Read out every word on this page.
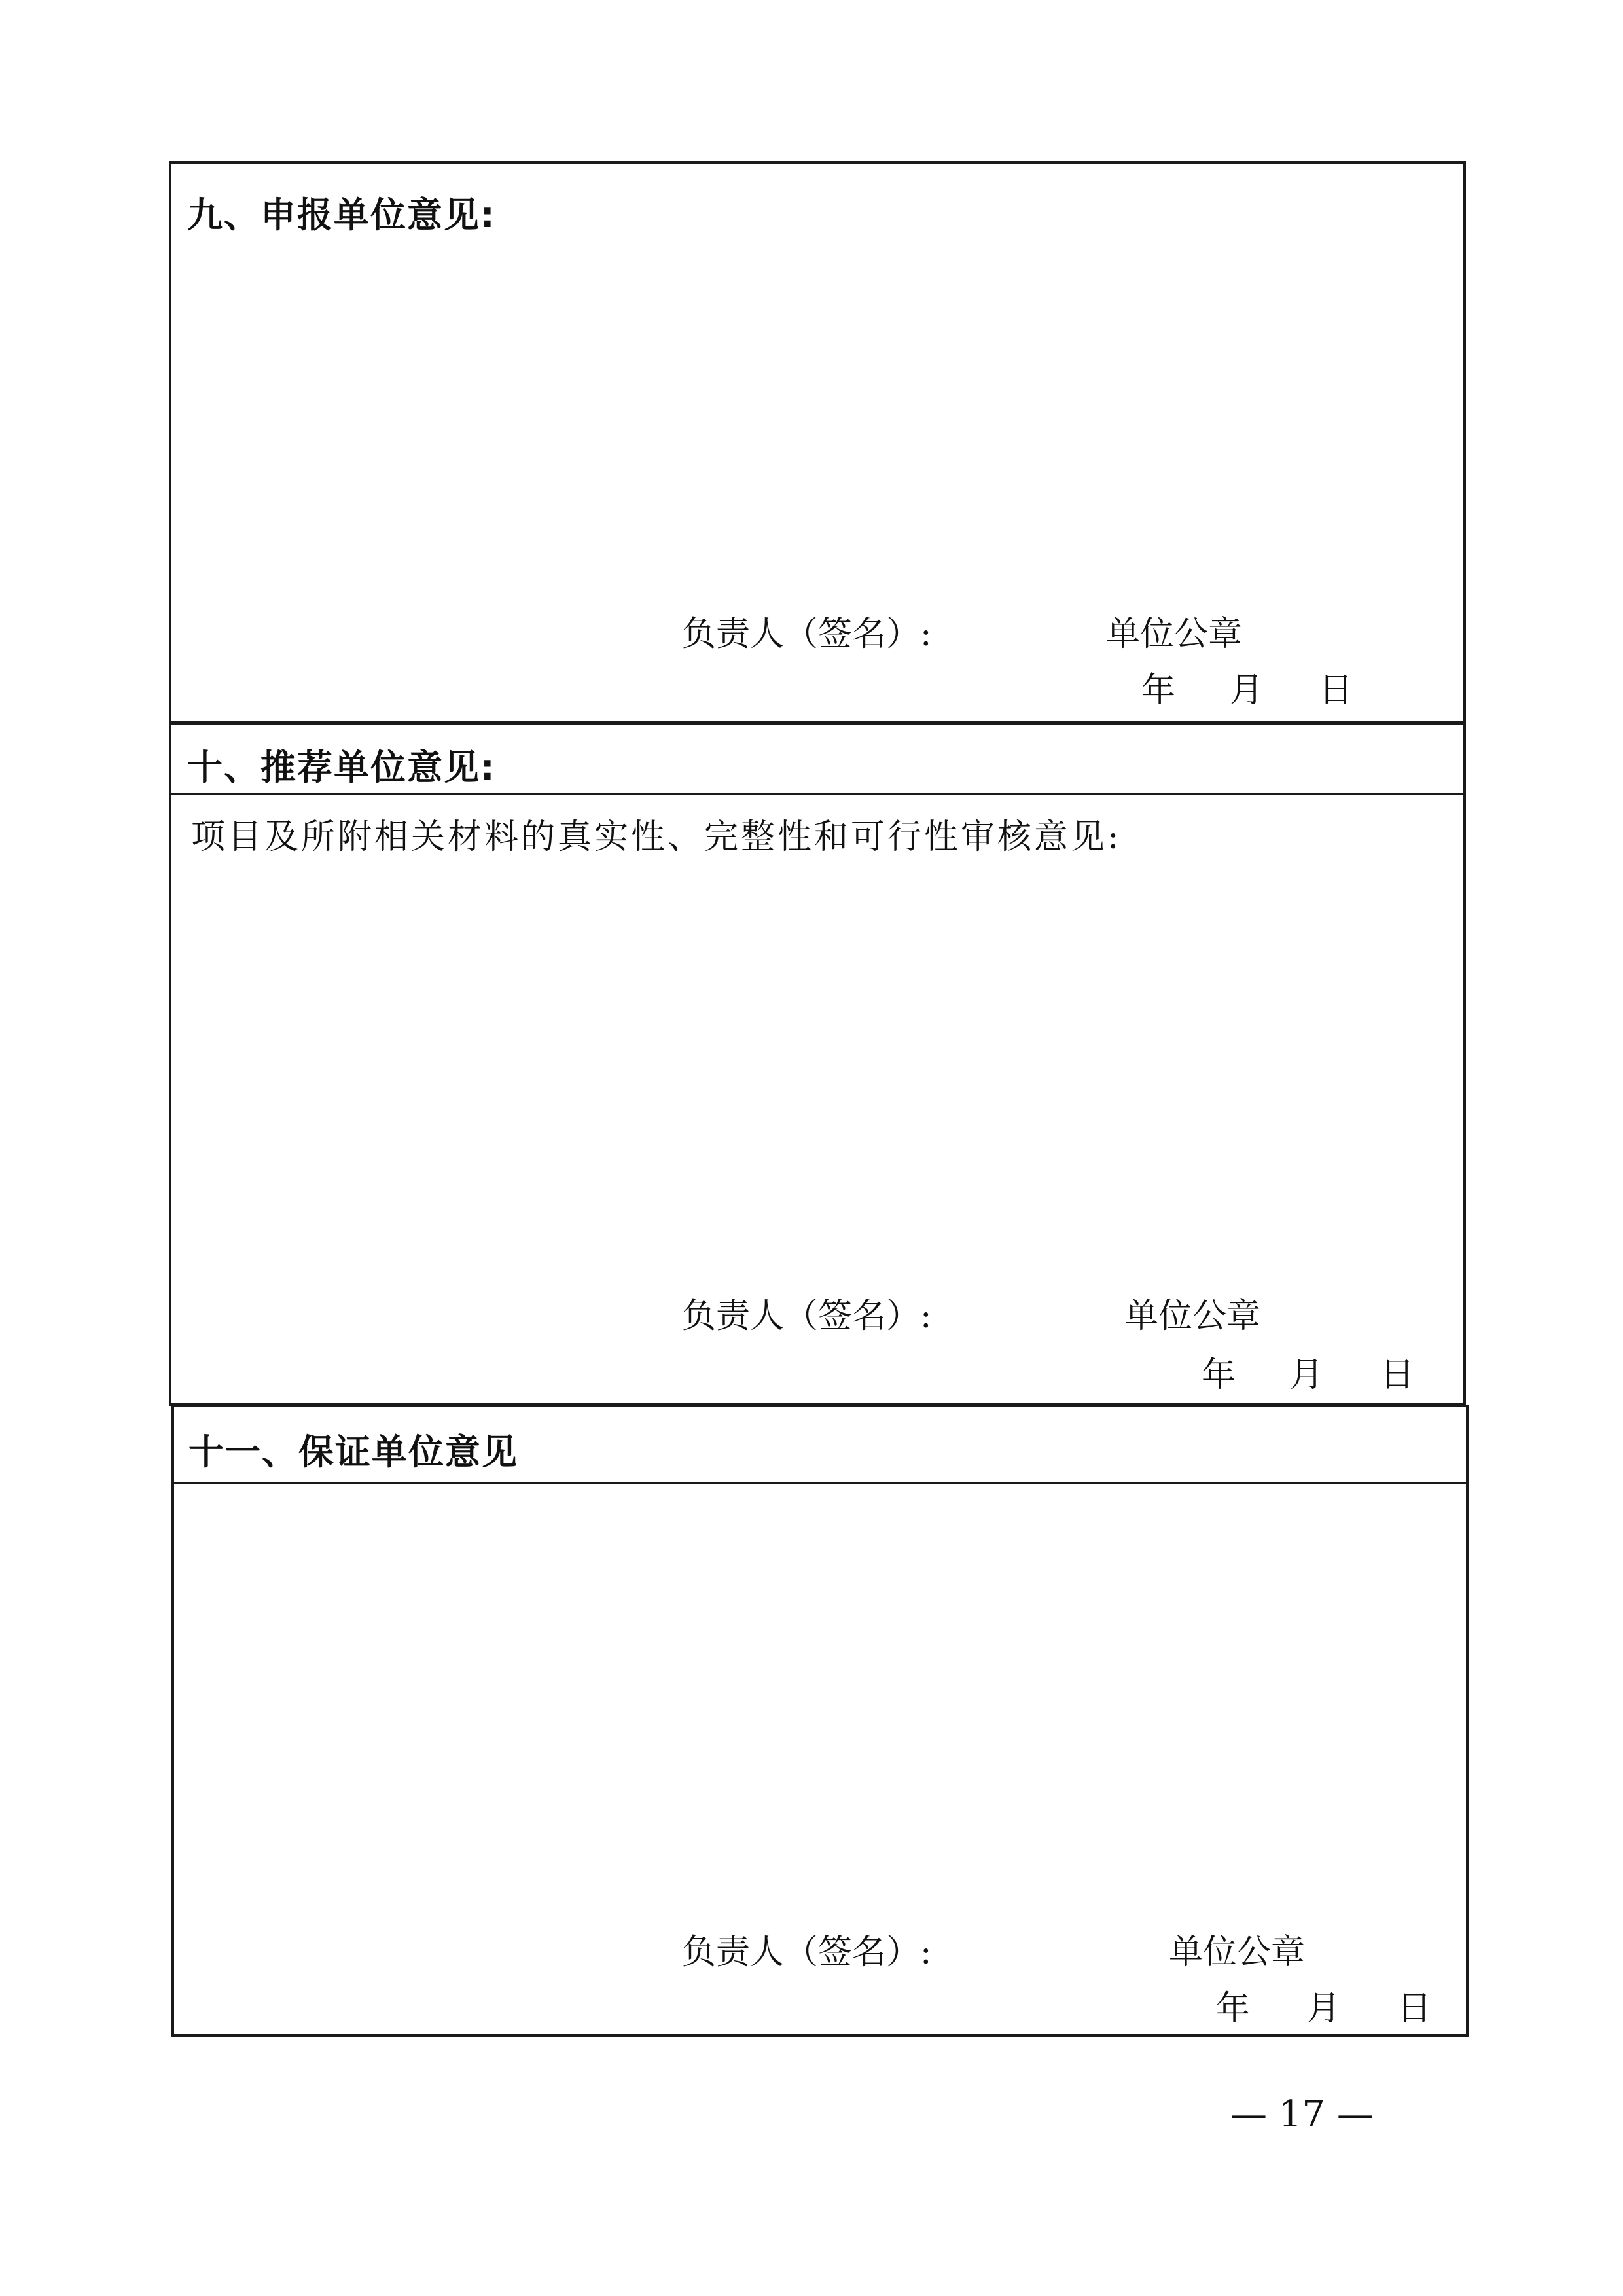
九、申报单位意见:
负责人（签名）:	单位公章
年 月 日
十、推荐单位意见:
项目及所附相关材料的真实性、完整性和可行性审核意见:
负责人（签名）:	单位公章
年 月 日
十一、保证单位意见
负责人（签名）:	单位公章
年 月 日
— 17 —
